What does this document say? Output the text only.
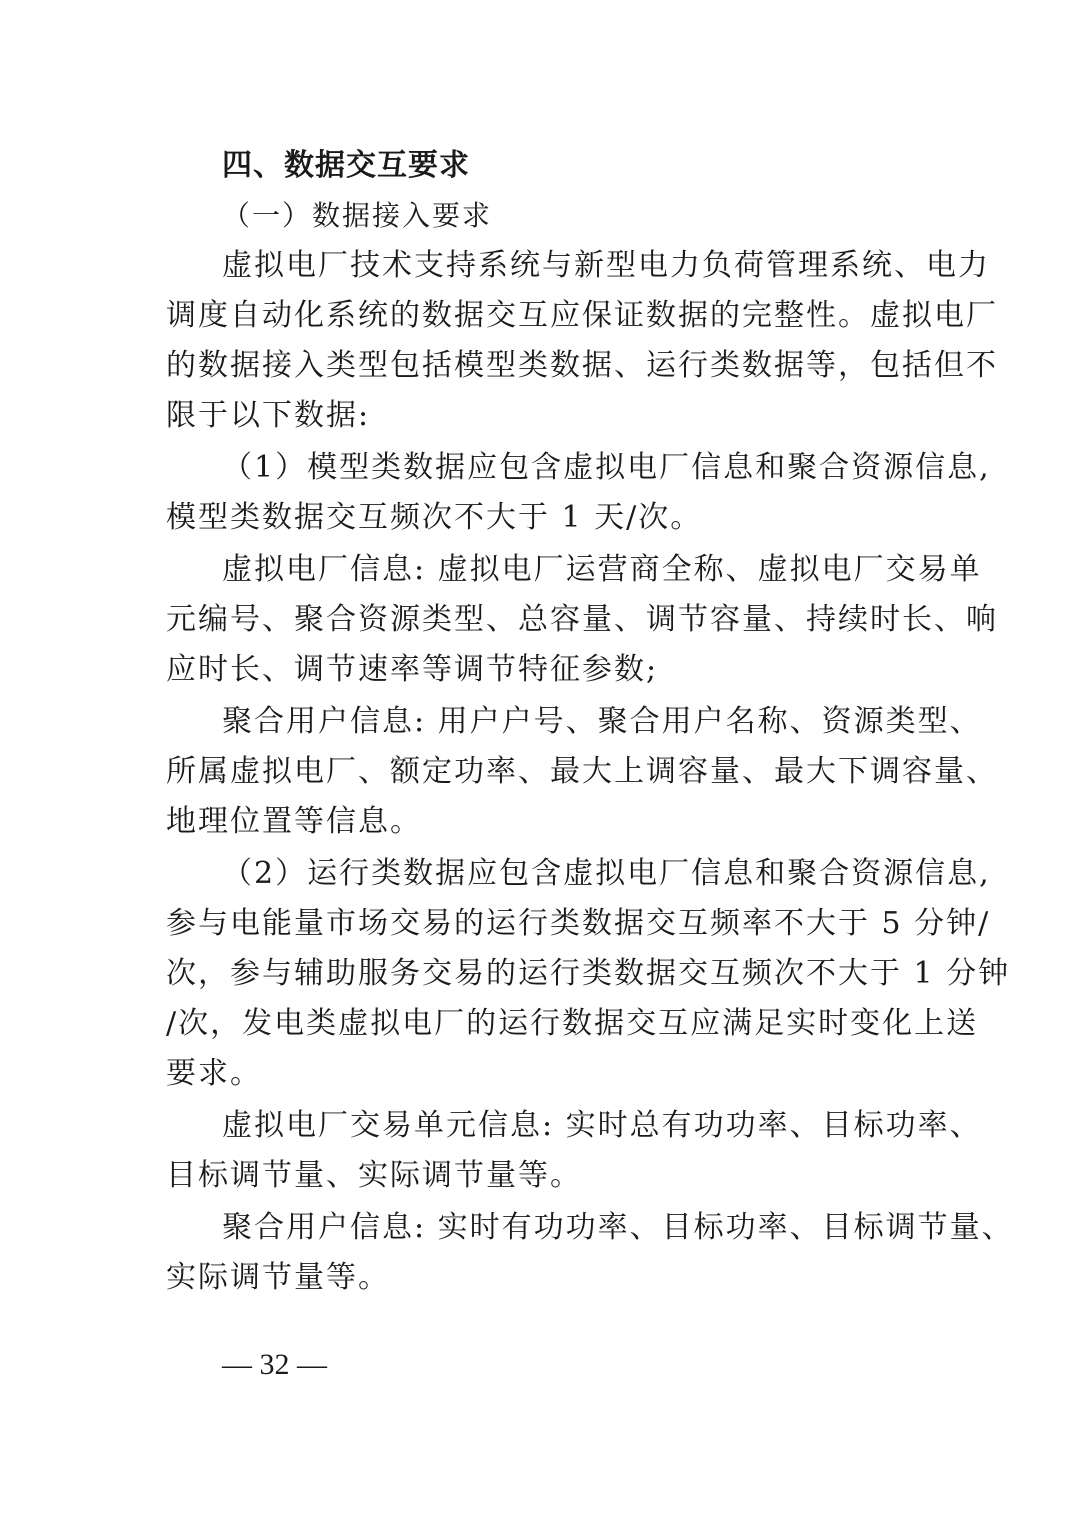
四、数据交互要求
（一）数据接入要求
虚拟电厂技术支持系统与新型电力负荷管理系统、电力
调度自动化系统的数据交互应保证数据的完整性。虚拟电厂
的数据接入类型包括模型类数据、运行类数据等，包括但不
限于以下数据:
（1）模型类数据应包含虚拟电厂信息和聚合资源信息,
模型类数据交互频次不大于 1 天/次。
虚拟电厂信息: 虚拟电厂运营商全称、虚拟电厂交易单
元编号、聚合资源类型、总容量、调节容量、持续时长、响
应时长、调节速率等调节特征参数;
聚合用户信息: 用户户号、聚合用户名称、资源类型、
所属虚拟电厂、额定功率、最大上调容量、最大下调容量、
地理位置等信息。
（2）运行类数据应包含虚拟电厂信息和聚合资源信息,
参与电能量市场交易的运行类数据交互频率不大于 5 分钟/
次，参与辅助服务交易的运行类数据交互频次不大于 1 分钟
/次，发电类虚拟电厂的运行数据交互应满足实时变化上送
要求。
虚拟电厂交易单元信息: 实时总有功功率、目标功率、
目标调节量、实际调节量等。
聚合用户信息: 实时有功功率、目标功率、目标调节量、
实际调节量等。
— 32 —
